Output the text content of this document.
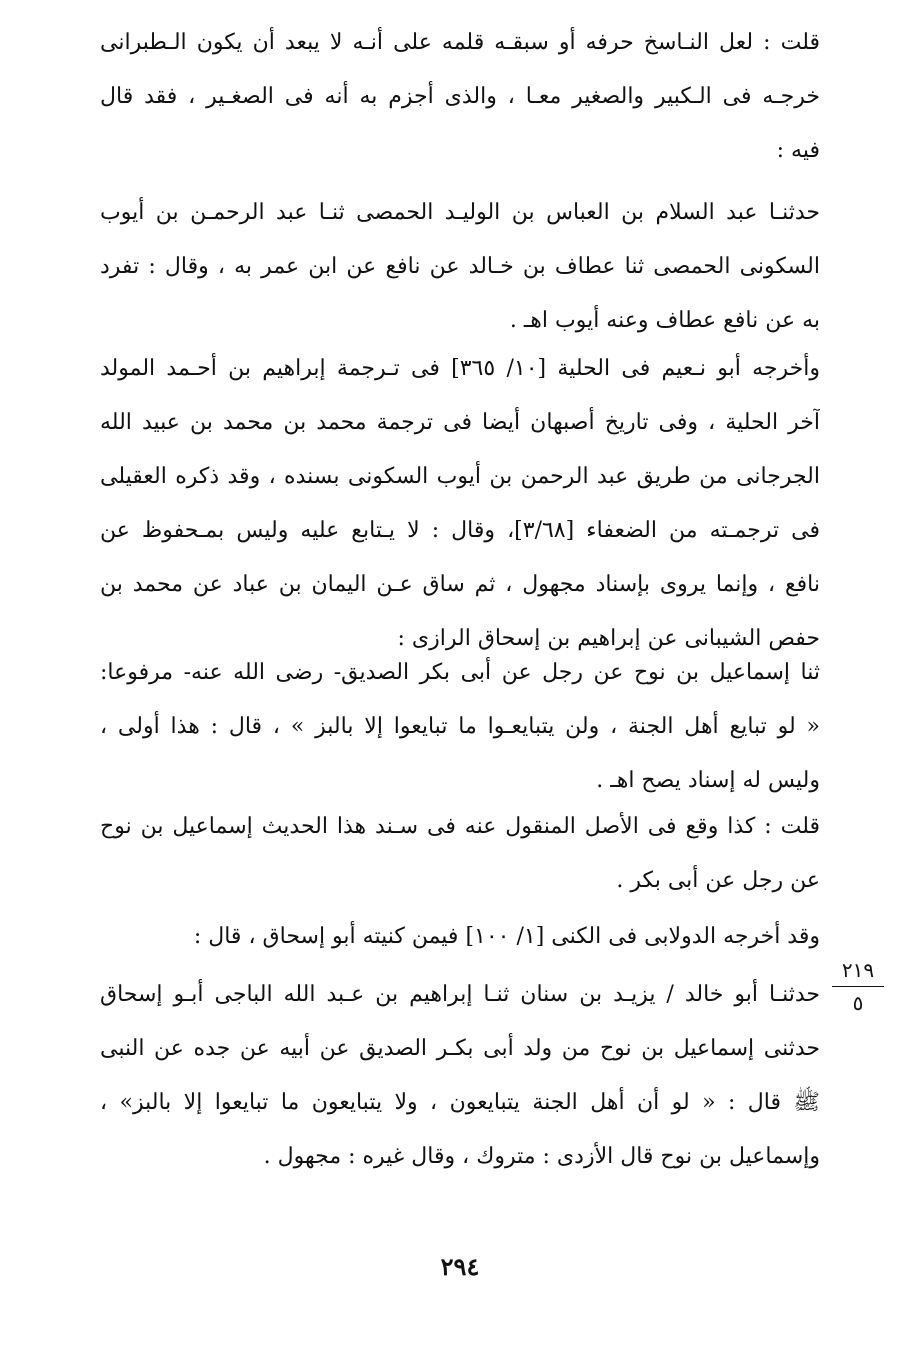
قلت : لعل النـاسخ حرفه أو سبقـه قلمه على أنـه لا يبعد أن يكون الـطبرانى
خرجـه فى الـكبير والصغير معـا ، والذى أجزم به أنه فى الصغـير ، فقد قال
فيه :
حدثنـا عبد السلام بن العباس بن الوليـد الحمصى ثنـا عبد الرحمـن بن أيوب
السكونى الحمصى ثنا عطاف بن خـالد عن نافع عن ابن عمر به ، وقال : تفرد
به عن نافع عطاف وعنه أيوب اهـ .
وأخرجه أبو نـعيم فى الحلية [١٠/ ٣٦٥] فى تـرجمة إبراهيم بن أحـمد المولد
آخر الحلية ، وفى تاريخ أصبهان أيضا فى ترجمة محمد بن محمد بن عبيد الله
الجرجانى من طريق عبد الرحمن بن أيوب السكونى بسنده ، وقد ذكره العقيلى
فى ترجمـته من الضعفاء [٣/٦٨]، وقال : لا يـتابع عليه وليس بمـحفوظ عن
نافع ، وإنما يروى بإسناد مجهول ، ثم ساق عـن اليمان بن عباد عن محمد بن
حفص الشيبانى عن إبراهيم بن إسحاق الرازى :
ثنا إسماعيل بن نوح عن رجل عن أبى بكر الصديق- رضى الله عنه- مرفوعا:
« لو تبايع أهل الجنة ، ولن يتبايعـوا ما تبايعوا إلا بالبز » ، قال : هذا أولى ،
وليس له إسناد يصح اهـ .
قلت : كذا وقع فى الأصل المنقول عنه فى سـند هذا الحديث إسماعيل بن نوح
عن رجل عن أبى بكر .
وقد أخرجه الدولابى فى الكنى [١/ ١٠٠] فيمن كنيته أبو إسحاق ، قال :
حدثنـا أبو خالد / يزيـد بن سنان ثنـا إبراهيم بن عـبد الله الباجى أبـو إسحاق
حدثنى إسماعيل بن نوح من ولد أبى بكـر الصديق عن أبيه عن جده عن النبى
ﷺ قال : « لو أن أهل الجنة يتبايعون ، ولا يتبايعون ما تبايعوا إلا بالبز» ،
وإسماعيل بن نوح قال الأزدى : متروك ، وقال غيره : مجهول .
٢١٩
٥
٢٩٤
